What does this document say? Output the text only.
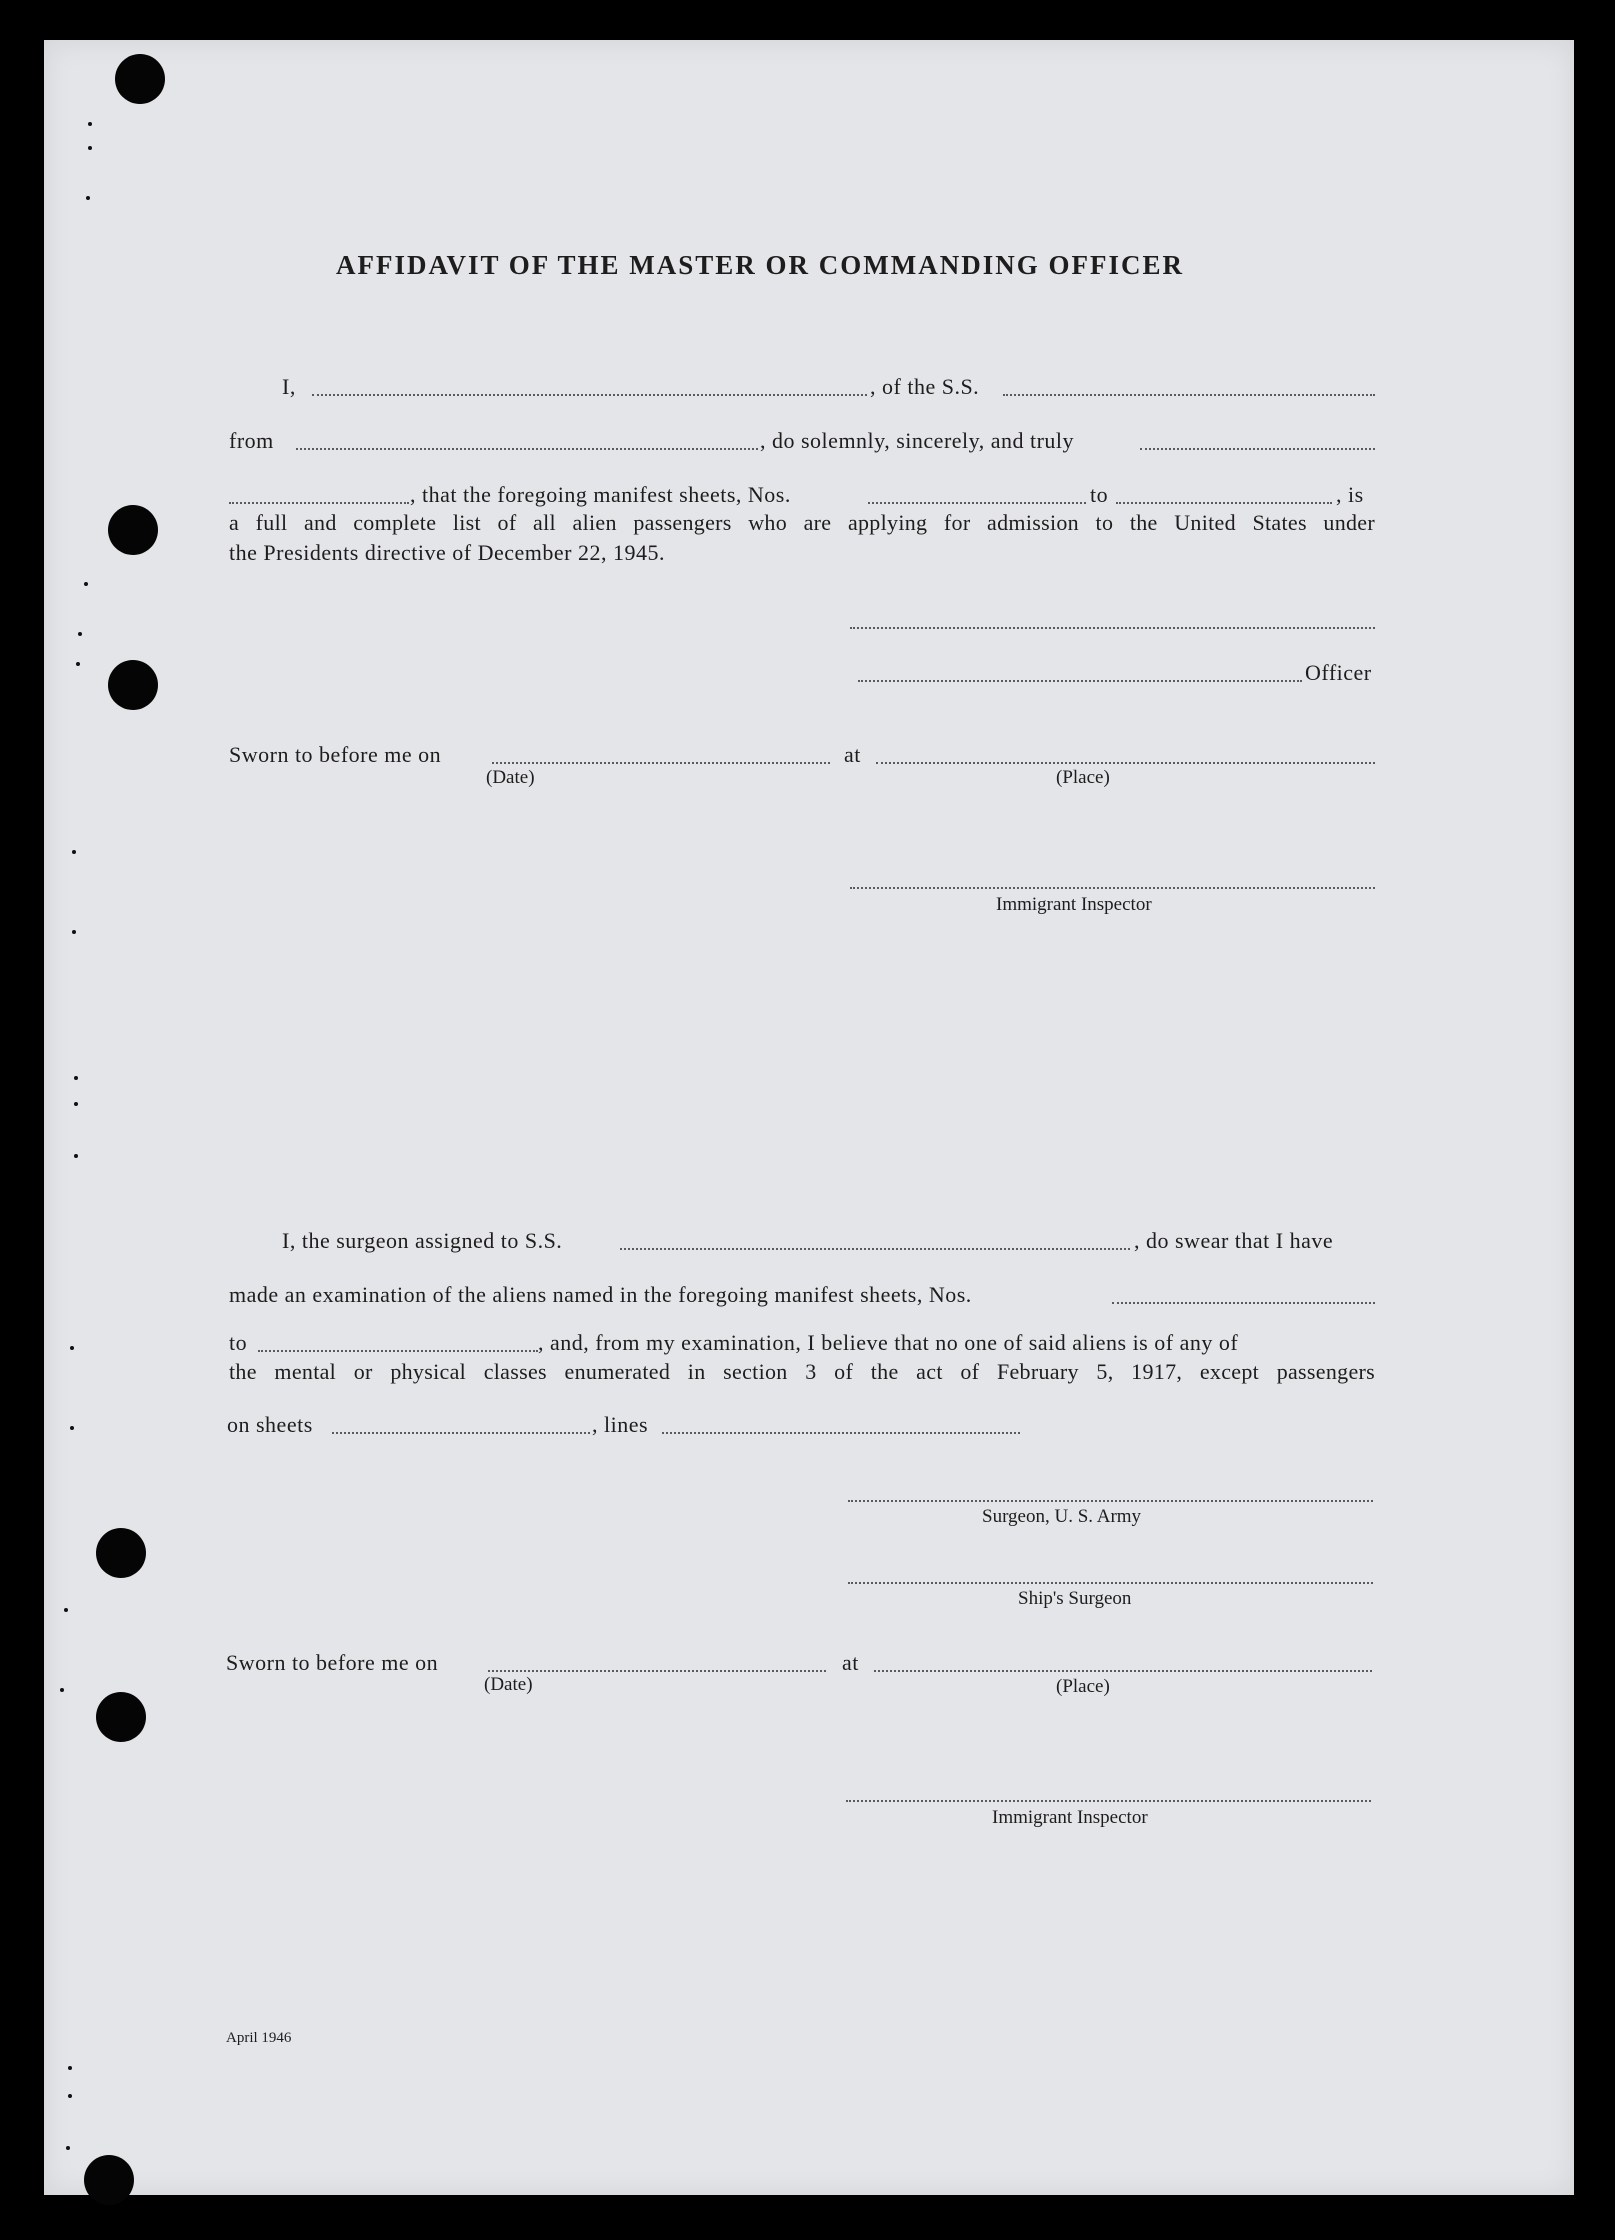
AFFIDAVIT OF THE MASTER OR COMMANDING OFFICER
I,	, of the S.S.
from	, do solemnly, sincerely, and truly
, that the foregoing manifest sheets, Nos.	to	, is
a full and complete list of all alien passengers who are applying for admission to the United States under
the Presidents directive of December 22, 1945.
Officer
Sworn to before me on	at
(Date)	(Place)
Immigrant Inspector
I, the surgeon assigned to S.S.	, do swear that I have
made an examination of the aliens named in the foregoing manifest sheets, Nos.
to	, and, from my examination, I believe that no one of said aliens is of any of
the mental or physical classes enumerated in section 3 of the act of February 5, 1917, except passengers
on sheets	, lines
Surgeon, U. S. Army
Ship's Surgeon
Sworn to before me on	at
(Date)	(Place)
Immigrant Inspector
April 1946
